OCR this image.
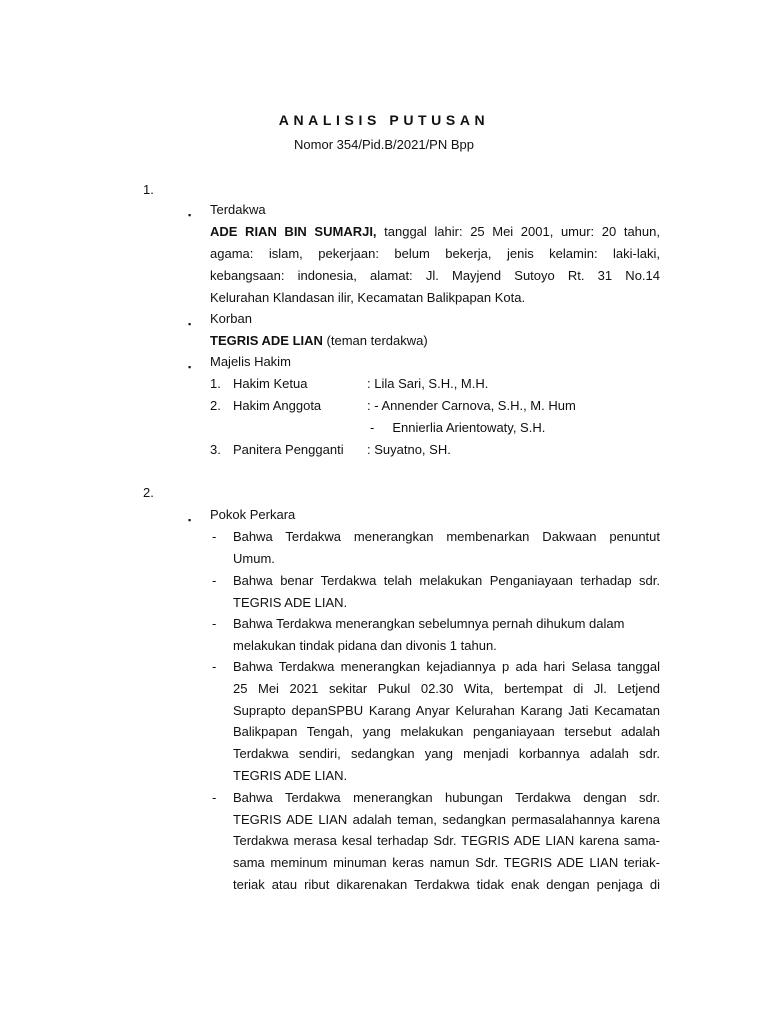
ANALISIS PUTUSAN
Nomor 354/Pid.B/2021/PN Bpp
1.
▪ Terdakwa
ADE RIAN BIN SUMARJI, tanggal lahir: 25 Mei 2001, umur: 20 tahun,
agama: islam, pekerjaan: belum bekerja, jenis kelamin: laki-laki,
kebangsaan: indonesia, alamat: Jl. Mayjend Sutoyo Rt. 31 No.14
Kelurahan Klandasan ilir, Kecamatan Balikpapan Kota.
▪ Korban
TEGRIS ADE LIAN (teman terdakwa)
▪ Majelis Hakim
1. Hakim Ketua	: Lila Sari, S.H., M.H.
2. Hakim Anggota	: - Annender Carnova, S.H., M. Hum
-     Ennierlia Arientowaty, S.H.
3. Panitera Pengganti : Suyatno, SH.
2.
▪ Pokok Perkara
- Bahwa Terdakwa menerangkan membenarkan Dakwaan penuntut
Umum.
- Bahwa benar Terdakwa telah melakukan Penganiayaan terhadap sdr.
TEGRIS ADE LIAN.
- Bahwa Terdakwa menerangkan sebelumnya pernah dihukum dalam
melakukan tindak pidana dan divonis 1 tahun.
- Bahwa Terdakwa menerangkan kejadiannya p ada hari Selasa tanggal
25 Mei 2021 sekitar Pukul 02.30 Wita, bertempat di Jl. Letjend
Suprapto depanSPBU Karang Anyar Kelurahan Karang Jati Kecamatan
Balikpapan Tengah, yang melakukan penganiayaan tersebut adalah
Terdakwa sendiri, sedangkan yang menjadi korbannya adalah sdr.
TEGRIS ADE LIAN.
- Bahwa Terdakwa menerangkan hubungan Terdakwa dengan sdr.
TEGRIS ADE LIAN adalah teman, sedangkan permasalahannya karena
Terdakwa merasa kesal terhadap Sdr. TEGRIS ADE LIAN karena sama-
sama meminum minuman keras namun Sdr. TEGRIS ADE LIAN teriak-
teriak atau ribut dikarenakan Terdakwa tidak enak dengan penjaga di
